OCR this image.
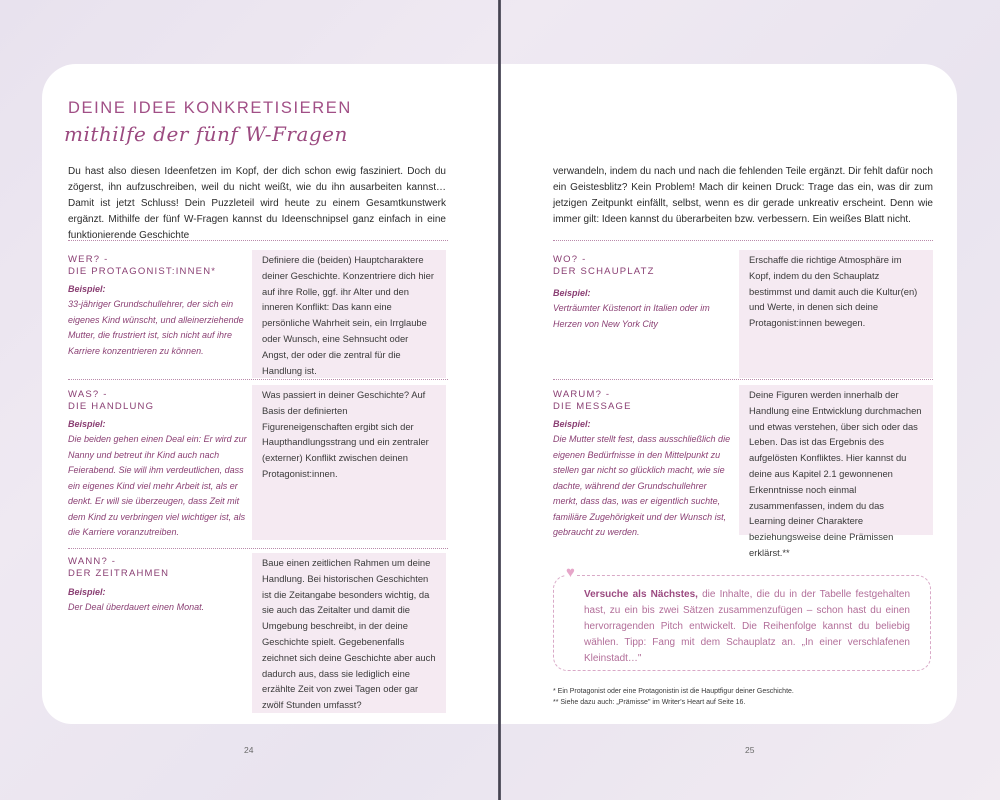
DEINE IDEE KONKRETISIEREN
mithilfe der fünf W-Fragen
Du hast also diesen Ideenfetzen im Kopf, der dich schon ewig fasziniert. Doch du zögerst, ihn aufzuschreiben, weil du nicht weißt, wie du ihn ausarbeiten kannst… Damit ist jetzt Schluss! Dein Puzzleteil wird heute zu einem Gesamtkunstwerk ergänzt. Mithilfe der fünf W-Fragen kannst du Ideenschnipsel ganz einfach in eine funktionierende Geschichte
WER? -
DIE PROTAGONIST:INNEN*
Beispiel:
33-jähriger Grundschullehrer, der sich ein eigenes Kind wünscht, und alleinerziehende Mutter, die frustriert ist, sich nicht auf ihre Karriere konzentrieren zu können.
Definiere die (beiden) Hauptcharaktere deiner Geschichte. Konzentriere dich hier auf ihre Rolle, ggf. ihr Alter und den inneren Konflikt: Das kann eine persönliche Wahrheit sein, ein Irrglaube oder Wunsch, eine Sehnsucht oder Angst, der oder die zentral für die Handlung ist.
WAS? -
DIE HANDLUNG
Beispiel:
Die beiden gehen einen Deal ein: Er wird zur Nanny und betreut ihr Kind auch nach Feierabend. Sie will ihm verdeutlichen, dass ein eigenes Kind viel mehr Arbeit ist, als er denkt. Er will sie überzeugen, dass Zeit mit dem Kind zu verbringen viel wichtiger ist, als die Karriere voranzutreiben.
Was passiert in deiner Geschichte? Auf Basis der definierten Figureneigenschaften ergibt sich der Haupthandlungsstrang und ein zentraler (externer) Konflikt zwischen deinen Protagonist:innen.
WANN? -
DER ZEITRAHMEN
Beispiel:
Der Deal überdauert einen Monat.
Baue einen zeitlichen Rahmen um deine Handlung. Bei historischen Geschichten ist die Zeitangabe besonders wichtig, da sie auch das Zeitalter und damit die Umgebung beschreibt, in der deine Geschichte spielt. Gegebenenfalls zeichnet sich deine Geschichte aber auch dadurch aus, dass sie lediglich eine erzählte Zeit von zwei Tagen oder gar zwölf Stunden umfasst?
24
verwandeln, indem du nach und nach die fehlenden Teile ergänzt. Dir fehlt dafür noch ein Geistesblitz? Kein Problem! Mach dir keinen Druck: Trage das ein, was dir zum jetzigen Zeitpunkt einfällt, selbst, wenn es dir gerade unkreativ erscheint. Denn wie immer gilt: Ideen kannst du überarbeiten bzw. verbessern. Ein weißes Blatt nicht.
WO? -
DER SCHAUPLATZ
Beispiel:
Verträumter Küstenort in Italien oder im Herzen von New York City
Erschaffe die richtige Atmosphäre im Kopf, indem du den Schauplatz bestimmst und damit auch die Kultur(en) und Werte, in denen sich deine Protagonist:innen bewegen.
WARUM? -
DIE MESSAGE
Beispiel:
Die Mutter stellt fest, dass ausschließlich die eigenen Bedürfnisse in den Mittelpunkt zu stellen gar nicht so glücklich macht, wie sie dachte, während der Grundschullehrer merkt, dass das, was er eigentlich suchte, familiäre Zugehörigkeit und der Wunsch ist, gebraucht zu werden.
Deine Figuren werden innerhalb der Handlung eine Entwicklung durchmachen und etwas verstehen, über sich oder das Leben. Das ist das Ergebnis des aufgelösten Konfliktes. Hier kannst du deine aus Kapitel 2.1 gewonnenen Erkenntnisse noch einmal zusammenfassen, indem du das Learning deiner Charaktere beziehungsweise deine Prämissen erklärst.**
♥
Versuche als Nächstes, die Inhalte, die du in der Tabelle festgehalten hast, zu ein bis zwei Sätzen zusammenzufügen – schon hast du einen hervorragenden Pitch entwickelt. Die Reihenfolge kannst du beliebig wählen. Tipp: Fang mit dem Schauplatz an. „In einer verschlafenen Kleinstadt…"
* Ein Protagonist oder eine Protagonistin ist die Hauptfigur deiner Geschichte.
** Siehe dazu auch: „Prämisse" im Writer's Heart auf Seite 16.
25
